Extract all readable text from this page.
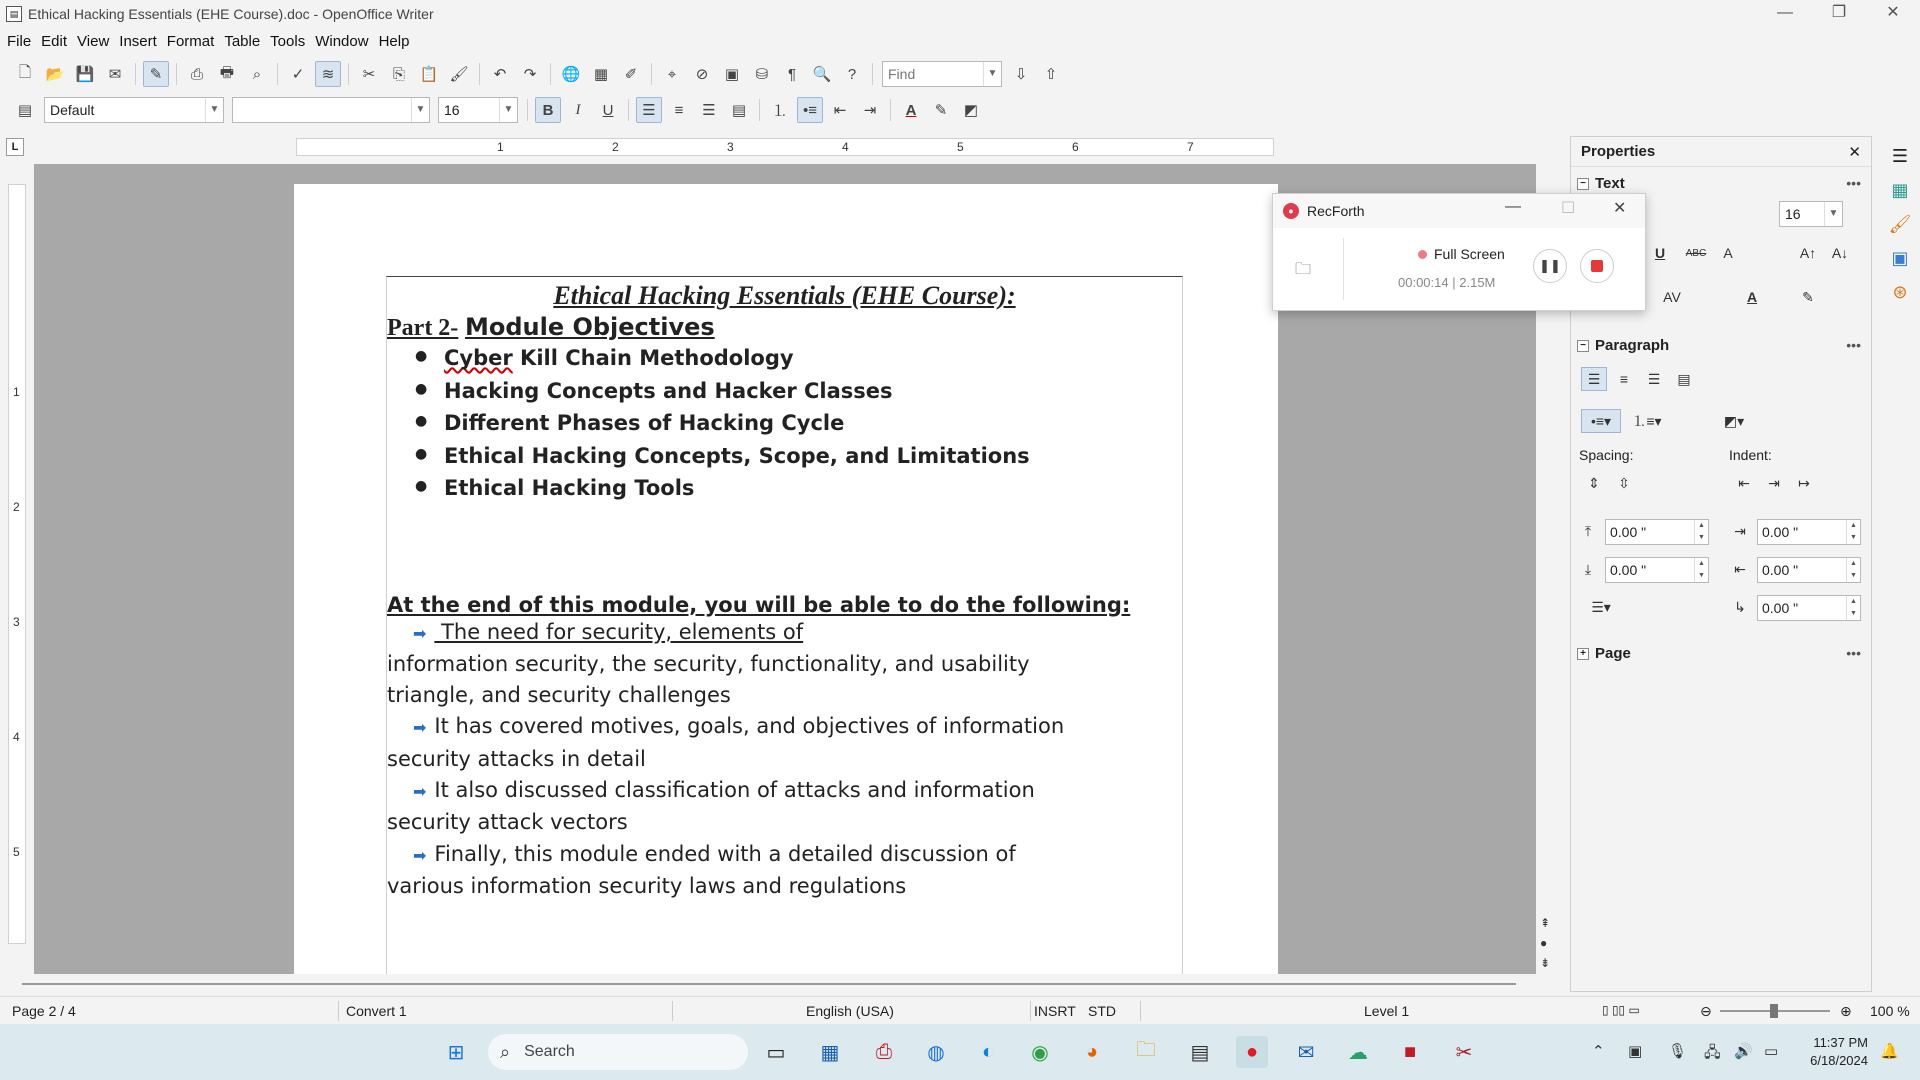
▤ Ethical Hacking Essentials (EHE Course).doc - OpenOffice Writer	—	❐	✕
File Edit View Insert Format Table Tools Window Help
🗋 📂 💾 ✉	✎	⎙	🖶	⌕	✓	≋	✂	⎘ 📋 🖌	↶	↷	🌐 ▦	✐	⌖	⊘	▣	⛁	¶	🔍	?	Find	▼	⇩	⇧
▤	Default	▼	▼ 16	▼	B	I	U	☰	≡	☰	▤	⒈	•≡	⇤	⇥	A	✎	◩
L	1	2	3	4	5	6	7
1
2
3
4
5
Ethical Hacking Essentials (EHE Course):
Part 2- Module Objectives
● Cyber Kill Chain Methodology
● Hacking Concepts and Hacker Classes
● Different Phases of Hacking Cycle
● Ethical Hacking Concepts, Scope, and Limitations
● Ethical Hacking Tools
At the end of this module, you will be able to do the following:
➡ The need for security, elements of
information security, the security, functionality, and usability
triangle, and security challenges
➡ It has covered motives, goals, and objectives of information
security attacks in detail
➡ It also discussed classification of attacks and information
security attack vectors
➡ Finally, this module ended with a detailed discussion of
various information security laws and regulations
⇞
●
⇟
Properties	✕
− Text	•••
16	▼
U	ABC	A	A↑	A↓
AV	A	✎
− Paragraph	•••
☰	≡	☰	▤
•≡▾	⒈≡▾	◩▾
Spacing:	Indent:
⇕	⇳	⇤	⇥	↦
⤒	0.00 "	▲
▼	⇥	0.00 "	▲
▼
⤓	0.00 "	▲
▼	⇤	0.00 "	▲
▼
☰▾	↳	0.00 "	▲
▼
+ Page	•••
☰
▦
🖌
▣
⊛
● RecForth	—	☐ ✕
🗀
Full Screen
00:00:14 | 2.15M
❚❚
Page 2 / 4	Convert 1	English (USA)	INSRT STD	Level 1	▯ ▯▯ ▭	⊖	⊕ 100 %
⊞	⌕ Search	▭	▦	⎙	◍	◐	◉	◕	🗀	▤	●	✉	☁	■	✂	⌃ ▣ 🎙 🖧 🔊 ▭
11:37 PM
6/18/2024
🔔
